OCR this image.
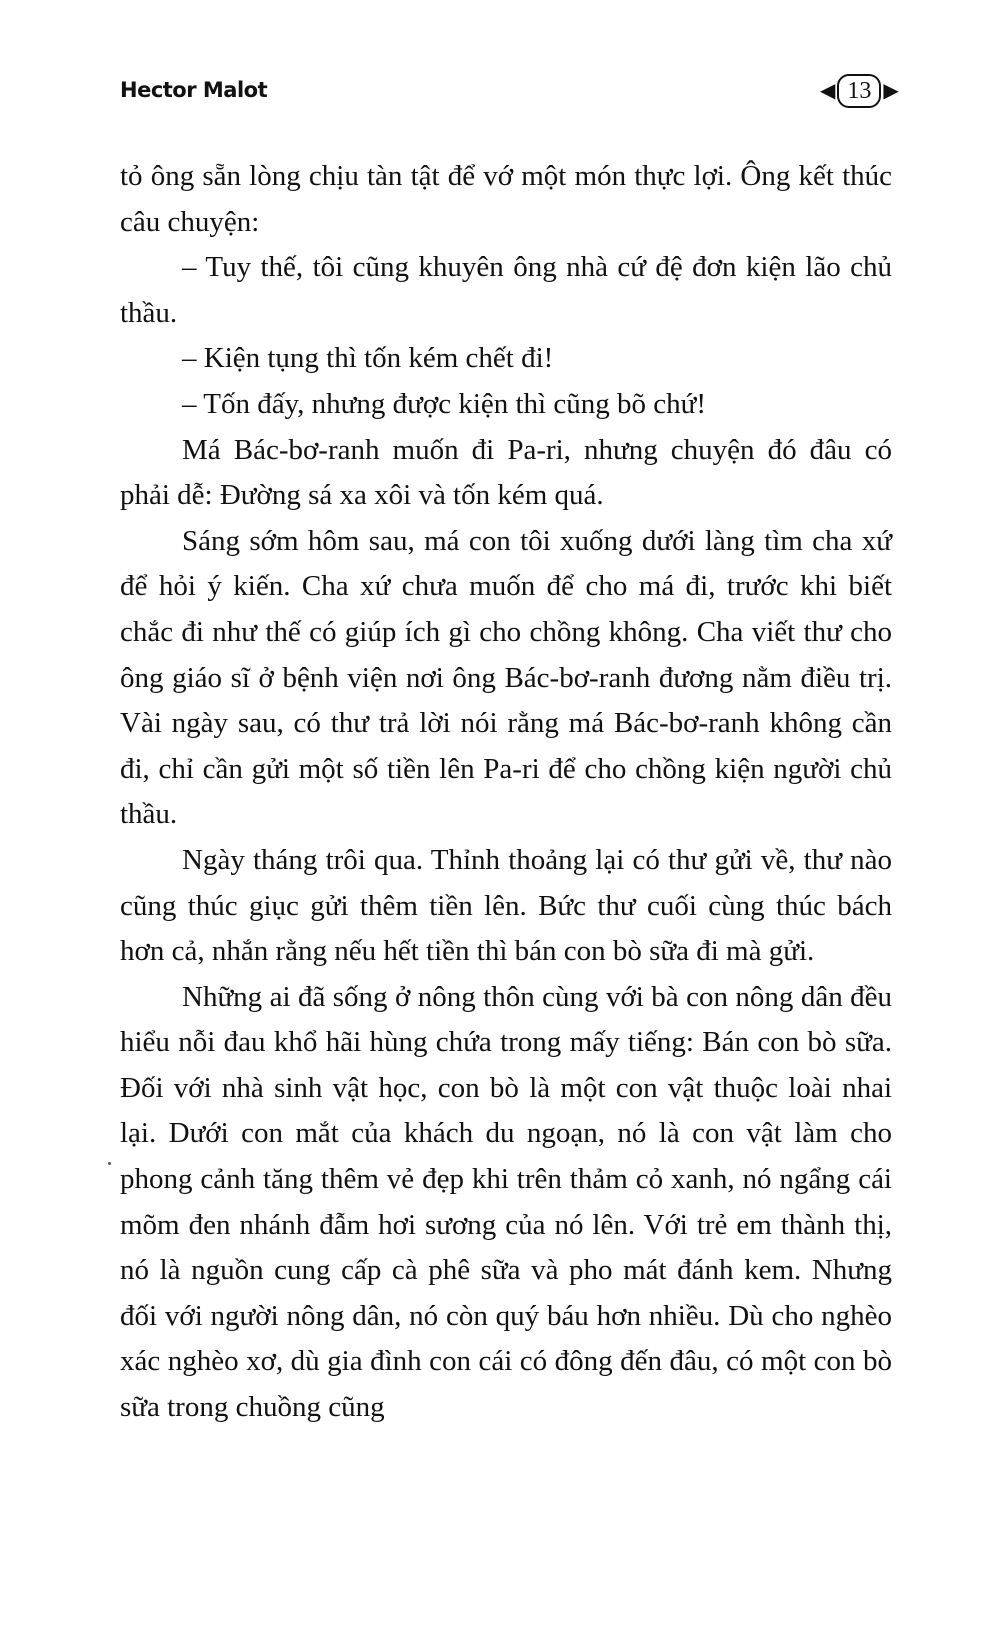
Hector Malot	◀ 13 ▶

tỏ ông sẵn lòng chịu tàn tật để vớ một món thực lợi. Ông kết thúc câu chuyện:

– Tuy thế, tôi cũng khuyên ông nhà cứ đệ đơn kiện lão chủ thầu.

– Kiện tụng thì tốn kém chết đi!

– Tốn đấy, nhưng được kiện thì cũng bõ chứ!

Má Bác-bơ-ranh muốn đi Pa-ri, nhưng chuyện đó đâu có phải dễ: Đường sá xa xôi và tốn kém quá.

Sáng sớm hôm sau, má con tôi xuống dưới làng tìm cha xứ để hỏi ý kiến. Cha xứ chưa muốn để cho má đi, trước khi biết chắc đi như thế có giúp ích gì cho chồng không. Cha viết thư cho ông giáo sĩ ở bệnh viện nơi ông Bác-bơ-ranh đương nằm điều trị. Vài ngày sau, có thư trả lời nói rằng má Bác-bơ-ranh không cần đi, chỉ cần gửi một số tiền lên Pa-ri để cho chồng kiện người chủ thầu.

Ngày tháng trôi qua. Thỉnh thoảng lại có thư gửi về, thư nào cũng thúc giục gửi thêm tiền lên. Bức thư cuối cùng thúc bách hơn cả, nhắn rằng nếu hết tiền thì bán con bò sữa đi mà gửi.

Những ai đã sống ở nông thôn cùng với bà con nông dân đều hiểu nỗi đau khổ hãi hùng chứa trong mấy tiếng: Bán con bò sữa. Đối với nhà sinh vật học, con bò là một con vật thuộc loài nhai lại. Dưới con mắt của khách du ngoạn, nó là con vật làm cho phong cảnh tăng thêm vẻ đẹp khi trên thảm cỏ xanh, nó ngẩng cái mõm đen nhánh đẫm hơi sương của nó lên. Với trẻ em thành thị, nó là nguồn cung cấp cà phê sữa và pho mát đánh kem. Nhưng đối với người nông dân, nó còn quý báu hơn nhiều. Dù cho nghèo xác nghèo xơ, dù gia đình con cái có đông đến đâu, có một con bò sữa trong chuồng cũng
